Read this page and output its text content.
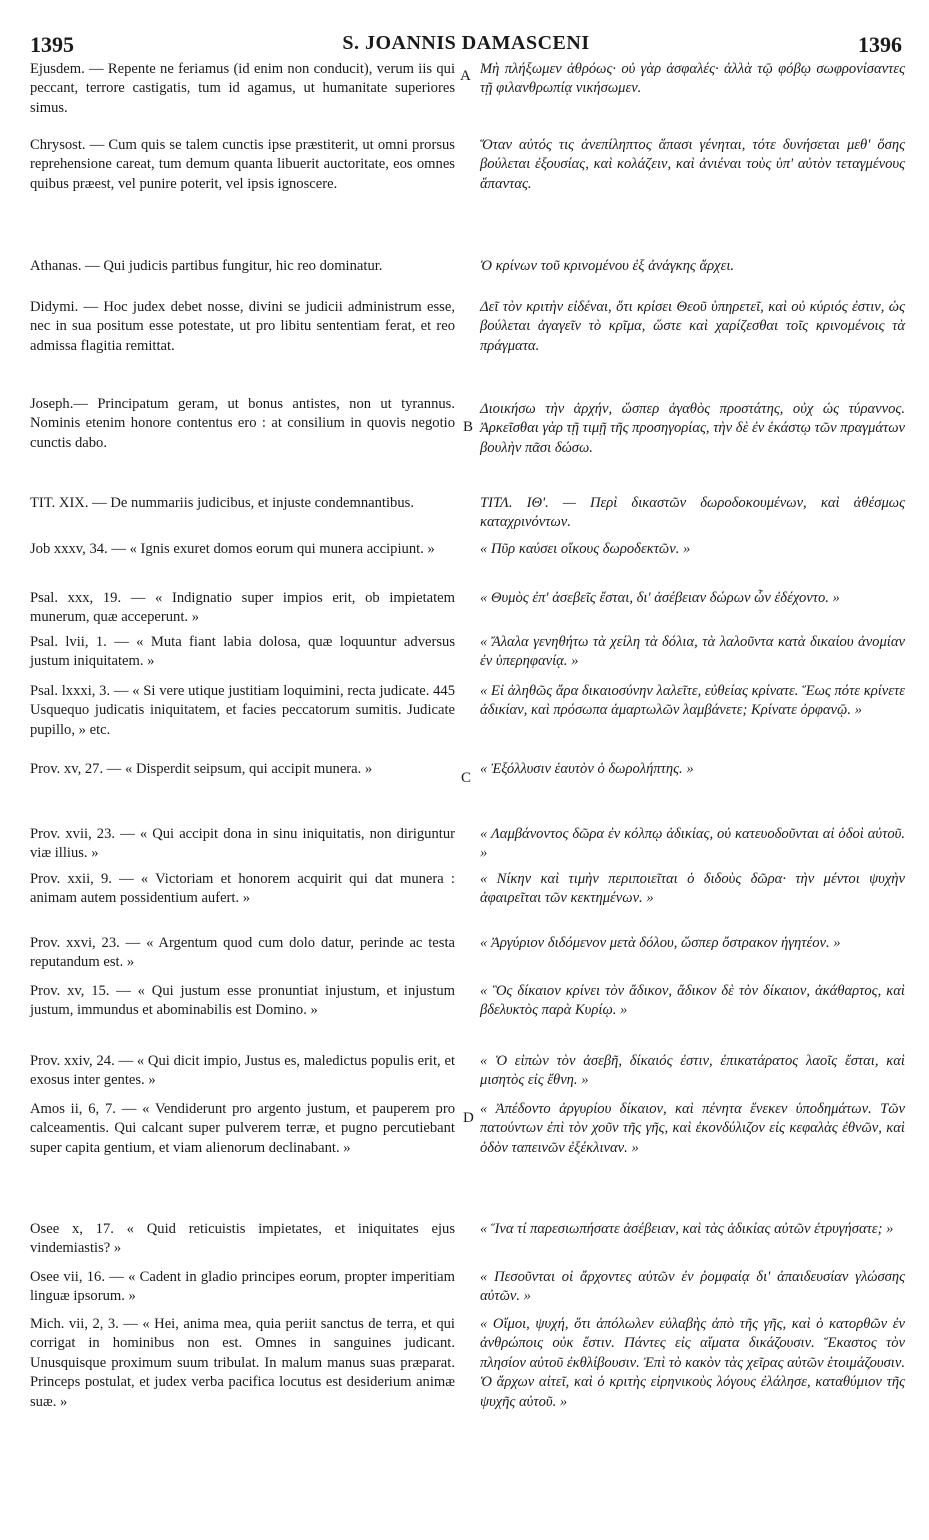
1395	S. JOANNIS DAMASCENI	1396
A
B
C
D

Ejusdem. — Repente ne feriamus (id enim non conducit), verum iis qui peccant, terrore castigatis, tum id agamus, ut humanitate superiores simus.

Chrysost. — Cum quis se talem cunctis ipse præstiterit, ut omni prorsus reprehensione careat, tum demum quanta libuerit auctoritate, eos omnes quibus præest, vel punire poterit, vel ipsis ignoscere.

Athanas. — Qui judicis partibus fungitur, hic reo dominatur.

Didymi. — Hoc judex debet nosse, divini se judicii administrum esse, nec in sua positum esse potestate, ut pro libitu sententiam ferat, et reo admissa flagitia remittat.

Joseph.— Principatum geram, ut bonus antistes, non ut tyrannus. Nominis etenim honore contentus ero : at consilium in quovis negotio cunctis dabo.

TIT. XIX. — De nummariis judicibus, et injuste condemnantibus.

Job xxxv, 34. — « Ignis exuret domos eorum qui munera accipiunt. »

Psal. xxx, 19. — « Indignatio super impios erit, ob impietatem munerum, quæ acceperunt. »

Psal. lvii, 1. — « Muta fiant labia dolosa, quæ loquuntur adversus justum iniquitatem. »

Psal. lxxxi, 3. — « Si vere utique justitiam loquimini, recta judicate. 445 Usquequo judicatis iniquitatem, et facies peccatorum sumitis. Judicate pupillo, » etc.

Prov. xv, 27. — « Disperdit seipsum, qui accipit munera. »

Prov. xvii, 23. — « Qui accipit dona in sinu iniquitatis, non diriguntur viæ illius. »

Prov. xxii, 9. — « Victoriam et honorem acquirit qui dat munera : animam autem possidentium aufert. »

Prov. xxvi, 23. — « Argentum quod cum dolo datur, perinde ac testa reputandum est. »

Prov. xv, 15. — « Qui justum esse pronuntiat injustum, et injustum justum, immundus et abominabilis est Domino. »

Prov. xxiv, 24. — « Qui dicit impio, Justus es, maledictus populis erit, et exosus inter gentes. »

Amos ii, 6, 7. — « Vendiderunt pro argento justum, et pauperem pro calceamentis. Qui calcant super pulverem terræ, et pugno percutiebant super capita gentium, et viam alienorum declinabant. »

Osee x, 17. « Quid reticuistis impietates, et iniquitates ejus vindemiastis? »

Osee vii, 16. — « Cadent in gladio principes eorum, propter imperitiam linguæ ipsorum. »

Mich. vii, 2, 3. — « Hei, anima mea, quia periit sanctus de terra, et qui corrigat in hominibus non est. Omnes in sanguines judicant. Unusquisque proximum suum tribulat. In malum manus suas præparat. Princeps postulat, et judex verba pacifica locutus est desiderium animæ suæ. »

Μὴ πλήξωμεν ἀθρόως· οὐ γὰρ ἀσφαλές· ἀλλὰ τῷ φόβῳ σωφρονίσαντες τῇ φιλανθρωπίᾳ νικήσωμεν.

Ὅταν αὐτός τις ἀνεπίληπτος ἅπασι γένηται, τότε δυνήσεται μεθ' ὅσης βούλεται ἐξουσίας, καὶ κολάζειν, καὶ ἀνιέναι τοὺς ὑπ' αὐτὸν τεταγμένους ἅπαντας.

Ὁ κρίνων τοῦ κρινομένου ἐξ ἀνάγκης ἄρχει.

Δεῖ τὸν κριτὴν εἰδέναι, ὅτι κρίσει Θεοῦ ὑπηρετεῖ, καὶ οὐ κύριός ἐστιν, ὡς βούλεται ἀγαγεῖν τὸ κρῖμα, ὥστε καὶ χαρίζεσθαι τοῖς κρινομένοις τὰ πράγματα.

Διοικήσω τὴν ἀρχήν, ὥσπερ ἀγαθὸς προστάτης, οὐχ ὡς τύραννος. Ἀρκεῖσθαι γὰρ τῇ τιμῇ τῆς προσηγορίας, τὴν δὲ ἐν ἑκάστῳ τῶν πραγμάτων βουλὴν πᾶσι δώσω.

ΤΙΤΛ. ΙΘʹ. — Περὶ δικαστῶν δωροδοκουμένων, καὶ ἀθέσμως καταχρινόντων.

« Πῦρ καύσει οἴκους δωροδεκτῶν. »

« Θυμὸς ἐπ' ἀσεβεῖς ἔσται, δι' ἀσέβειαν δώρων ὧν ἐδέχοντο. »

« Ἄλαλα γενηθήτω τὰ χείλη τὰ δόλια, τὰ λαλοῦντα κατὰ δικαίου ἀνομίαν ἐν ὑπερηφανίᾳ. »

« Εἰ ἀληθῶς ἄρα δικαιοσύνην λαλεῖτε, εὐθείας κρίνατε. Ἕως πότε κρίνετε ἀδικίαν, καὶ πρόσωπα ἁμαρτωλῶν λαμβάνετε; Κρίνατε ὀρφανῷ. »

« Ἐξόλλυσιν ἑαυτὸν ὁ δωρολήπτης. »

« Λαμβάνοντος δῶρα ἐν κόλπῳ ἀδικίας, οὐ κατευοδοῦνται αἱ ὁδοὶ αὐτοῦ. »

« Νίκην καὶ τιμὴν περιποιεῖται ὁ διδοὺς δῶρα· τὴν μέντοι ψυχὴν ἀφαιρεῖται τῶν κεκτημένων. »

« Ἀργύριον διδόμενον μετὰ δόλου, ὥσπερ ὄστρακον ἡγητέον. »

« Ὃς δίκαιον κρίνει τὸν ἄδικον, ἄδικον δὲ τὸν δίκαιον, ἀκάθαρτος, καὶ βδελυκτὸς παρὰ Κυρίῳ. »

« Ὁ εἰπὼν τὸν ἀσεβῆ, δίκαιός ἐστιν, ἐπικατάρατος λαοῖς ἔσται, καὶ μισητὸς εἰς ἔθνη. »

« Ἀπέδοντο ἀργυρίου δίκαιον, καὶ πένητα ἕνεκεν ὑποδημάτων. Τῶν πατούντων ἐπὶ τὸν χοῦν τῆς γῆς, καὶ ἐκονδύλιζον εἰς κεφαλὰς ἐθνῶν, καὶ ὁδὸν ταπεινῶν ἐξέκλιναν. »

« Ἵνα τί παρεσιωπήσατε ἀσέβειαν, καὶ τὰς ἀδικίας αὐτῶν ἐτρυγήσατε; »

« Πεσοῦνται οἱ ἄρχοντες αὐτῶν ἐν ῥομφαίᾳ δι' ἀπαιδευσίαν γλώσσης αὐτῶν. »

« Οἴμοι, ψυχή, ὅτι ἀπόλωλεν εὐλαβὴς ἀπὸ τῆς γῆς, καὶ ὁ κατορθῶν ἐν ἀνθρώποις οὐκ ἔστιν. Πάντες εἰς αἵματα δικάζουσιν. Ἕκαστος τὸν πλησίον αὐτοῦ ἐκθλίβουσιν. Ἐπὶ τὸ κακὸν τὰς χεῖρας αὐτῶν ἑτοιμάζουσιν. Ὁ ἄρχων αἰτεῖ, καὶ ὁ κριτὴς εἰρηνικοὺς λόγους ἐλάλησε, καταθύμιον τῆς ψυχῆς αὐτοῦ. »
